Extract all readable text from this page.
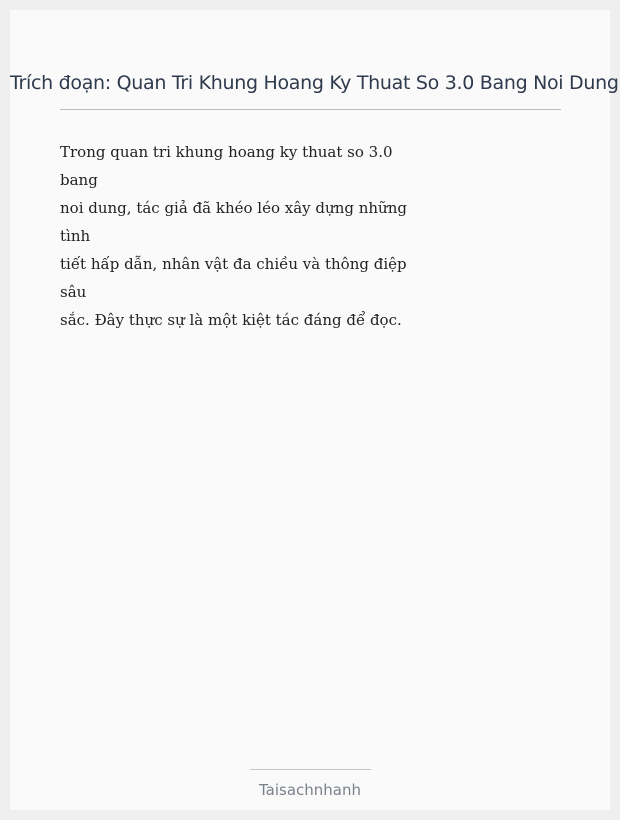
Trích đoạn: Quan Tri Khung Hoang Ky Thuat So 3.0 Bang Noi Dung
Trong quan tri khung hoang ky thuat so 3.0
bang
noi dung, tác giả đã khéo léo xây dựng những
tình
tiết hấp dẫn, nhân vật đa chiều và thông điệp
sâu
sắc. Đây thực sự là một kiệt tác đáng để đọc.
Taisachnhanh
